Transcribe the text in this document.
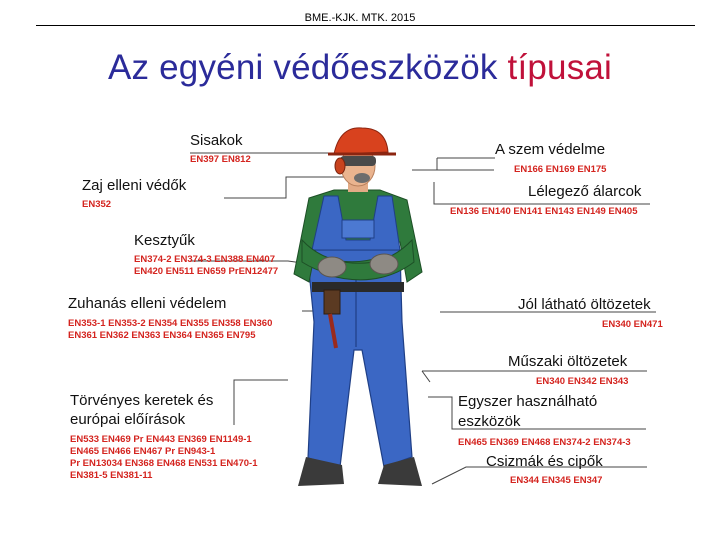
BME.-KJK. MTK. 2015
Az egyéni védőeszközök típusai
Sisakok
EN397 EN812
Zaj elleni védők
EN352
Kesztyűk
EN374-2 EN374-3 EN388 EN407
EN420 EN511 EN659 PrEN12477
Zuhanás elleni védelem
EN353-1 EN353-2 EN354 EN355 EN358 EN360
EN361 EN362 EN363 EN364 EN365 EN795
Törvényes keretek és
európai előírások
EN533 EN469 Pr EN443 EN369 EN1149-1
EN465 EN466 EN467 Pr EN943-1
Pr EN13034 EN368 EN468 EN531 EN470-1
EN381-5 EN381-11
A szem védelme
EN166 EN169 EN175
Lélegező álarcok
EN136 EN140 EN141 EN143 EN149 EN405
Jól látható öltözetek
EN340 EN471
Műszaki öltözetek
EN340 EN342 EN343
Egyszer használható
eszközök
EN465 EN369 EN468 EN374-2 EN374-3
Csizmák és cipők
EN344 EN345 EN347
